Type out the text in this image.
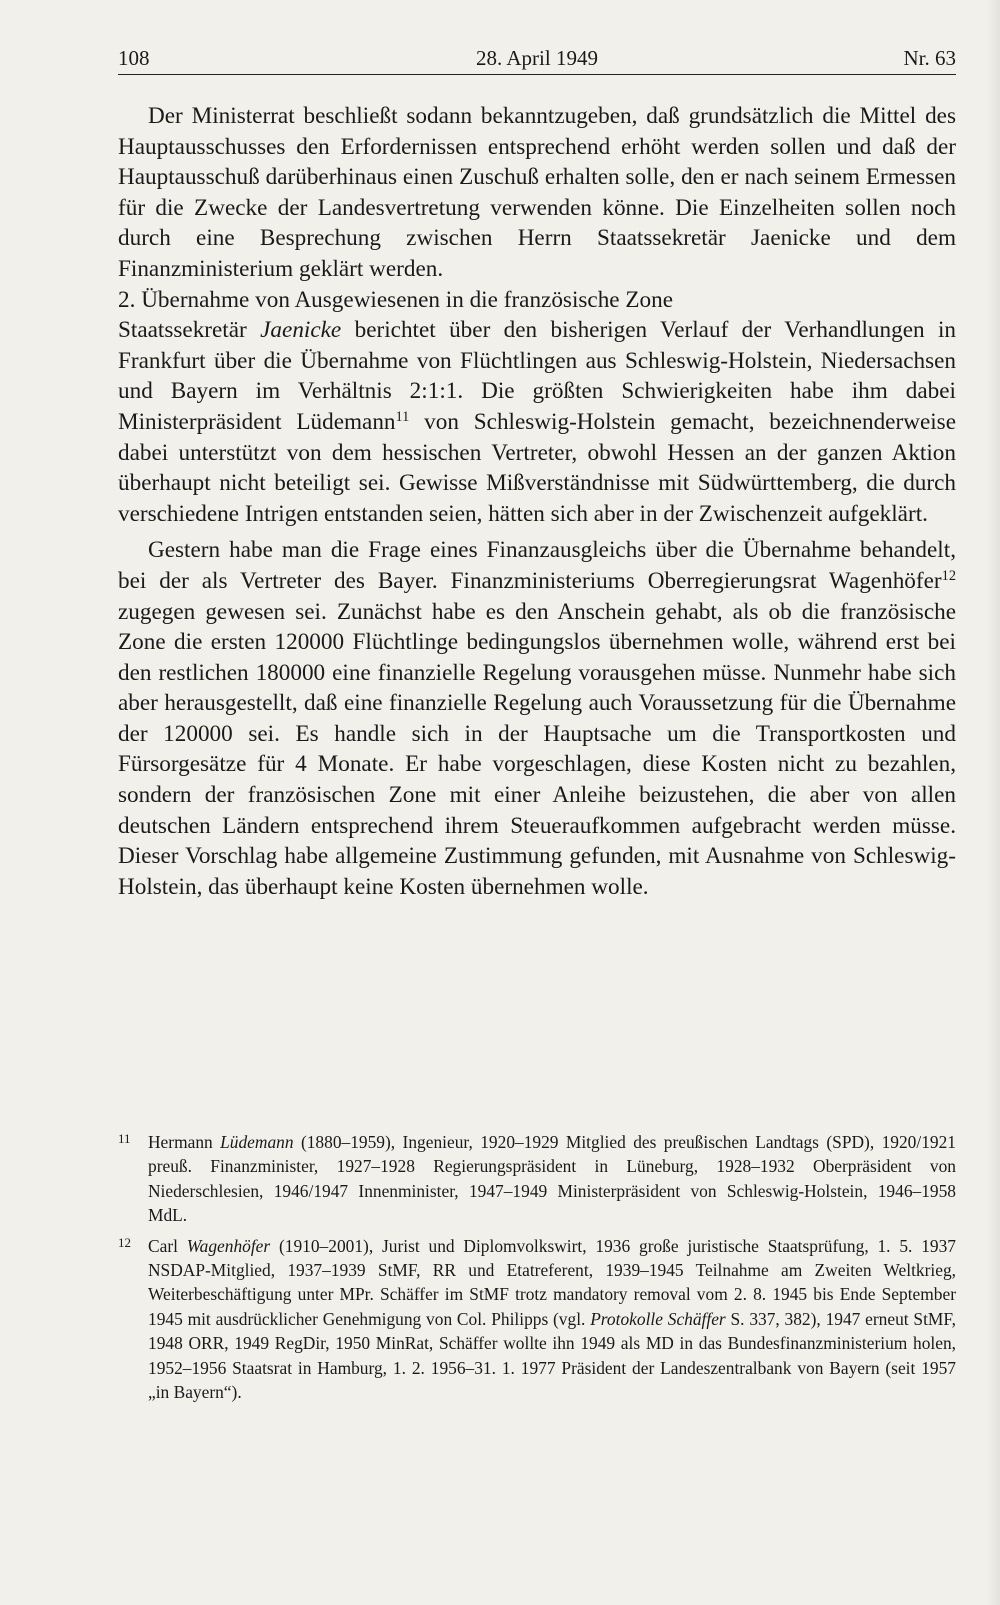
108	28. April 1949	Nr. 63

Der Ministerrat beschließt sodann bekanntzugeben, daß grundsätzlich die Mittel des Hauptausschusses den Erfordernissen entsprechend erhöht werden sollen und daß der Hauptausschuß darüberhinaus einen Zuschuß erhalten solle, den er nach seinem Ermessen für die Zwecke der Landesvertretung verwenden könne. Die Einzelheiten sollen noch durch eine Besprechung zwischen Herrn Staatssekretär Jaenicke und dem Finanzministerium geklärt werden.

2. Übernahme von Ausgewiesenen in die französische Zone

Staatssekretär Jaenicke berichtet über den bisherigen Verlauf der Verhandlungen in Frankfurt über die Übernahme von Flüchtlingen aus Schleswig-Holstein, Niedersachsen und Bayern im Verhältnis 2:1:1. Die größten Schwierigkeiten habe ihm dabei Ministerpräsident Lüdemann$^{11}$ von Schleswig-Holstein gemacht, bezeichnenderweise dabei unterstützt von dem hessischen Vertreter, obwohl Hessen an der ganzen Aktion überhaupt nicht beteiligt sei. Gewisse Mißverständnisse mit Südwürttemberg, die durch verschiedene Intrigen entstanden seien, hätten sich aber in der Zwischenzeit aufgeklärt.

Gestern habe man die Frage eines Finanzausgleichs über die Übernahme behandelt, bei der als Vertreter des Bayer. Finanzministeriums Oberregierungsrat Wagenhöfer$^{12}$ zugegen gewesen sei. Zunächst habe es den Anschein gehabt, als ob die französische Zone die ersten 120000 Flüchtlinge bedingungslos übernehmen wolle, während erst bei den restlichen 180000 eine finanzielle Regelung vorausgehen müsse. Nunmehr habe sich aber herausgestellt, daß eine finanzielle Regelung auch Voraussetzung für die Übernahme der 120000 sei. Es handle sich in der Hauptsache um die Transportkosten und Fürsorgesätze für 4 Monate. Er habe vorgeschlagen, diese Kosten nicht zu bezahlen, sondern der französischen Zone mit einer Anleihe beizustehen, die aber von allen deutschen Ländern entsprechend ihrem Steueraufkommen aufgebracht werden müsse. Dieser Vorschlag habe allgemeine Zustimmung gefunden, mit Ausnahme von Schleswig-Holstein, das überhaupt keine Kosten übernehmen wolle.

11 Hermann Lüdemann (1880–1959), Ingenieur, 1920–1929 Mitglied des preußischen Landtags (SPD), 1920/1921 preuß. Finanzminister, 1927–1928 Regierungspräsident in Lüneburg, 1928–1932 Oberpräsident von Niederschlesien, 1946/1947 Innenminister, 1947–1949 Ministerpräsident von Schleswig-Holstein, 1946–1958 MdL.
12 Carl Wagenhöfer (1910–2001), Jurist und Diplomvolkswirt, 1936 große juristische Staatsprüfung, 1. 5. 1937 NSDAP-Mitglied, 1937–1939 StMF, RR und Etatreferent, 1939–1945 Teilnahme am Zweiten Weltkrieg, Weiterbeschäftigung unter MPr. Schäffer im StMF trotz mandatory removal vom 2. 8. 1945 bis Ende September 1945 mit ausdrücklicher Genehmigung von Col. Philipps (vgl. Protokolle Schäffer S. 337, 382), 1947 erneut StMF, 1948 ORR, 1949 RegDir, 1950 MinRat, Schäffer wollte ihn 1949 als MD in das Bundesfinanzministerium holen, 1952–1956 Staatsrat in Hamburg, 1. 2. 1956–31. 1. 1977 Präsident der Landeszentralbank von Bayern (seit 1957 „in Bayern“).
